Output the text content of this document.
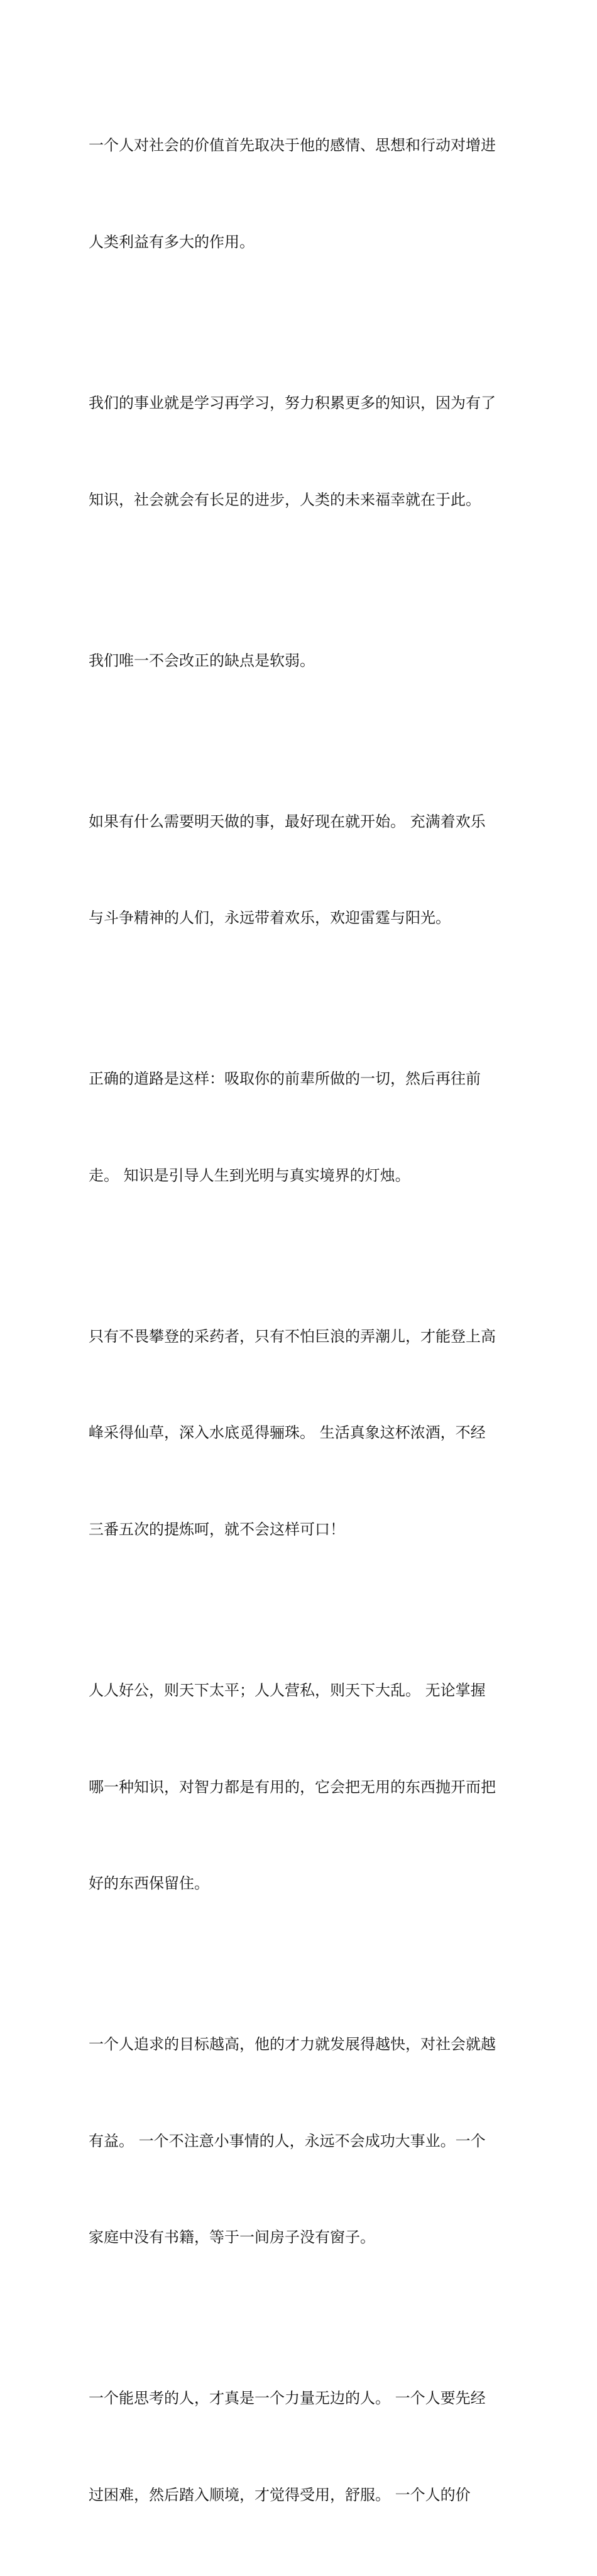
一个人对社会的价值首先取决于他的感情、思想和行动对增进

人类利益有多大的作用。

我们的事业就是学习再学习，努力积累更多的知识，因为有了

知识，社会就会有长足的进步，人类的未来福幸就在于此。

我们唯一不会改正的缺点是软弱。

如果有什么需要明天做的事，最好现在就开始。 充满着欢乐

与斗争精神的人们，永远带着欢乐，欢迎雷霆与阳光。

正确的道路是这样：吸取你的前辈所做的一切，然后再往前

走。 知识是引导人生到光明与真实境界的灯烛。

只有不畏攀登的采药者，只有不怕巨浪的弄潮儿，才能登上高

峰采得仙草，深入水底觅得骊珠。 生活真象这杯浓酒，不经

三番五次的提炼呵，就不会这样可口！

人人好公，则天下太平；人人营私，则天下大乱。 无论掌握

哪一种知识，对智力都是有用的，它会把无用的东西抛开而把

好的东西保留住。

一个人追求的目标越高，他的才力就发展得越快，对社会就越

有益。 一个不注意小事情的人，永远不会成功大事业。一个

家庭中没有书籍，等于一间房子没有窗子。

一个能思考的人，才真是一个力量无边的人。 一个人要先经

过困难，然后踏入顺境，才觉得受用，舒服。 一个人的价
